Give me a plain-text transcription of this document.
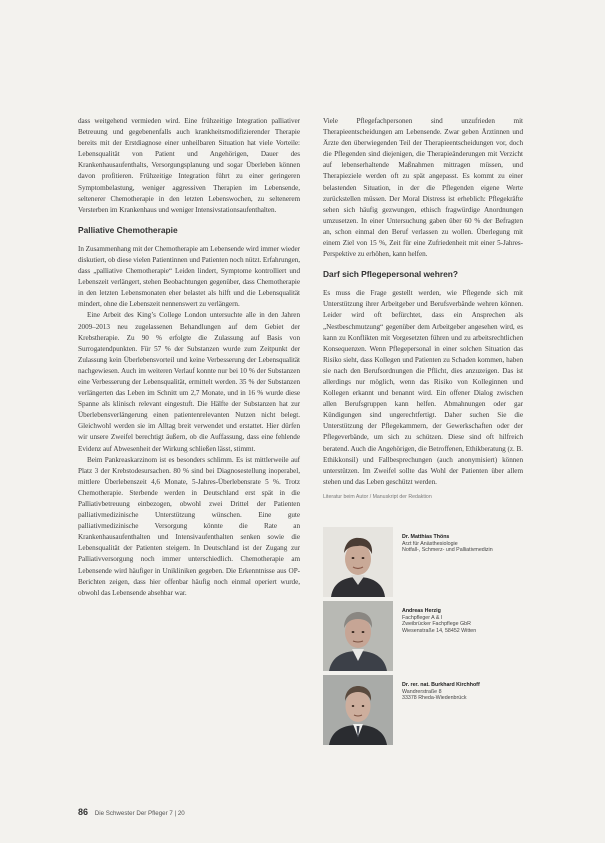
dass weitgehend vermieden wird. Eine frühzeitige Integration palliativer Betreuung und gegebenenfalls auch krankheitsmodifizierender Therapie bereits mit der Erstdiagnose einer unheilbaren Situation hat viele Vorteile: Lebensqualität von Patient und Angehörigen, Dauer des Krankenhausaufenthalts, Versorgungsplanung und sogar Überleben können davon profitieren. Frühzeitige Integration führt zu einer geringeren Symptombelastung, weniger aggressiven Therapien im Lebensende, seltenerer Chemotherapie in den letzten Lebenswochen, zu seltenerem Versterben im Krankenhaus und weniger Intensivstationsaufenthalten.

Palliative Chemotherapie

In Zusammenhang mit der Chemotherapie am Lebensende wird immer wieder diskutiert, ob diese vielen Patientinnen und Patienten noch nützt. Erfahrungen, dass „palliative Chemotherapie“ Leiden lindert, Symptome kontrolliert und Lebenszeit verlängert, stehen Beobachtungen gegenüber, dass Chemotherapie in den letzten Lebensmonaten eher belastet als hilft und die Lebensqualität mindert, ohne die Lebenszeit nennenswert zu verlängern.

Eine Arbeit des King’s College London untersuchte alle in den Jahren 2009–2013 neu zugelassenen Behandlungen auf dem Gebiet der Krebstherapie. Zu 90 % erfolgte die Zulassung auf Basis von Surrogatendpunkten. Für 57 % der Substanzen wurde zum Zeitpunkt der Zulassung kein Überlebensvorteil und keine Verbesserung der Lebensqualität nachgewiesen. Auch im weiteren Verlauf konnte nur bei 10 % der Substanzen eine Verbesserung der Lebensqualität, ermittelt werden. 35 % der Substanzen verlängerten das Leben im Schnitt um 2,7 Monate, und in 16 % wurde diese Spanne als klinisch relevant eingestuft. Die Hälfte der Substanzen hat zur Überlebensverlängerung einen patientenrelevanten Nutzen nicht belegt. Gleichwohl werden sie im Alltag breit verwendet und erstattet. Hier dürfen wir unsere Zweifel berechtigt äußern, ob die Auffassung, dass eine fehlende Evidenz auf Abwesenheit der Wirkung schließen lässt, stimmt.

Beim Pankreaskarzinom ist es besonders schlimm. Es ist mittlerweile auf Platz 3 der Krebstodesursachen. 80 % sind bei Diagnosestellung inoperabel, mittlere Überlebenszeit 4,6 Monate, 5-Jahres-Überlebensrate 5 %. Trotz Chemotherapie. Sterbende werden in Deutschland erst spät in die Palliativbetreuung einbezogen, obwohl zwei Drittel der Patienten palliativmedizinische Unterstützung wünschen. Eine gute palliativmedizinische Versorgung könnte die Rate an Krankenhausaufenthalten und Intensivaufenthalten senken sowie die Lebensqualität der Patienten steigern. In Deutschland ist der Zugang zur Palliativversorgung noch immer unterschiedlich. Chemotherapie am Lebensende wird häufiger in Unikliniken gegeben. Die Erkenntnisse aus OP-Berichten zeigen, dass hier offenbar häufig noch einmal operiert wurde, obwohl das Lebensende absehbar war.

Viele Pflegefachpersonen sind unzufrieden mit Therapieentscheidungen am Lebensende. Zwar geben Ärztinnen und Ärzte den überwiegenden Teil der Therapieentscheidungen vor, doch die Pflegenden sind diejenigen, die Therapieänderungen mit Verzicht auf lebenserhaltende Maßnahmen mittragen müssen, und Therapieziele werden oft zu spät angepasst. Es kommt zu einer belastenden Situation, in der die Pflegenden eigene Werte zurückstellen müssen. Der Moral Distress ist erheblich: Pflegekräfte sehen sich häufig gezwungen, ethisch fragwürdige Anordnungen umzusetzen. In einer Untersuchung gaben über 60 % der Befragten an, schon einmal den Beruf verlassen zu wollen. Überlegung mit einem Ziel von 15 %, Zeit für eine Zufriedenheit mit einer 5-Jahres-Perspektive zu erhöhen, kann helfen.

Darf sich Pflegepersonal wehren?

Es muss die Frage gestellt werden, wie Pflegende sich mit Unterstützung ihrer Arbeitgeber und Berufsverbände wehren können. Leider wird oft befürchtet, dass ein Ansprechen als „Nestbeschmutzung“ gegenüber dem Arbeitgeber angesehen wird, es kann zu Konflikten mit Vorgesetzten führen und zu arbeitsrechtlichen Konsequenzen. Wenn Pflegepersonal in einer solchen Situation das Risiko sieht, dass Kollegen und Patienten zu Schaden kommen, haben sie nach den Berufsordnungen die Pflicht, dies anzuzeigen. Das ist allerdings nur möglich, wenn das Risiko von Kolleginnen und Kollegen erkannt und benannt wird. Ein offener Dialog zwischen allen Berufsgruppen kann helfen. Abmahnungen oder gar Kündigungen sind ungerechtfertigt. Daher suchen Sie die Unterstützung der Pflegekammern, der Gewerkschaften oder der Pflegeverbände, um sich zu schützen. Diese sind oft hilfreich beratend. Auch die Angehörigen, die Betroffenen, Ethikberatung (z. B. Ethikkonsil) und Fallbesprechungen (auch anonymisiert) können unterstützen. Im Zweifel sollte das Wohl der Patienten über allem stehen und das Leben geschützt werden.

Literatur beim Autor / Manuskript der Redaktion
Dr. Matthias Thöns
Arzt für Anästhesiologie
Notfall-, Schmerz- und Palliativmedizin
Andreas Herzig
Fachpfleger A & I
Zweibrücker Fachpflege GbR
Wiesenstraße 14, 58452 Witten
Dr. rer. nat. Burkhard Kirchhoff
Wandrerstraße 8
33378 Rheda-Wiedenbrück
86 Die Schwester Der Pfleger 7 | 20
